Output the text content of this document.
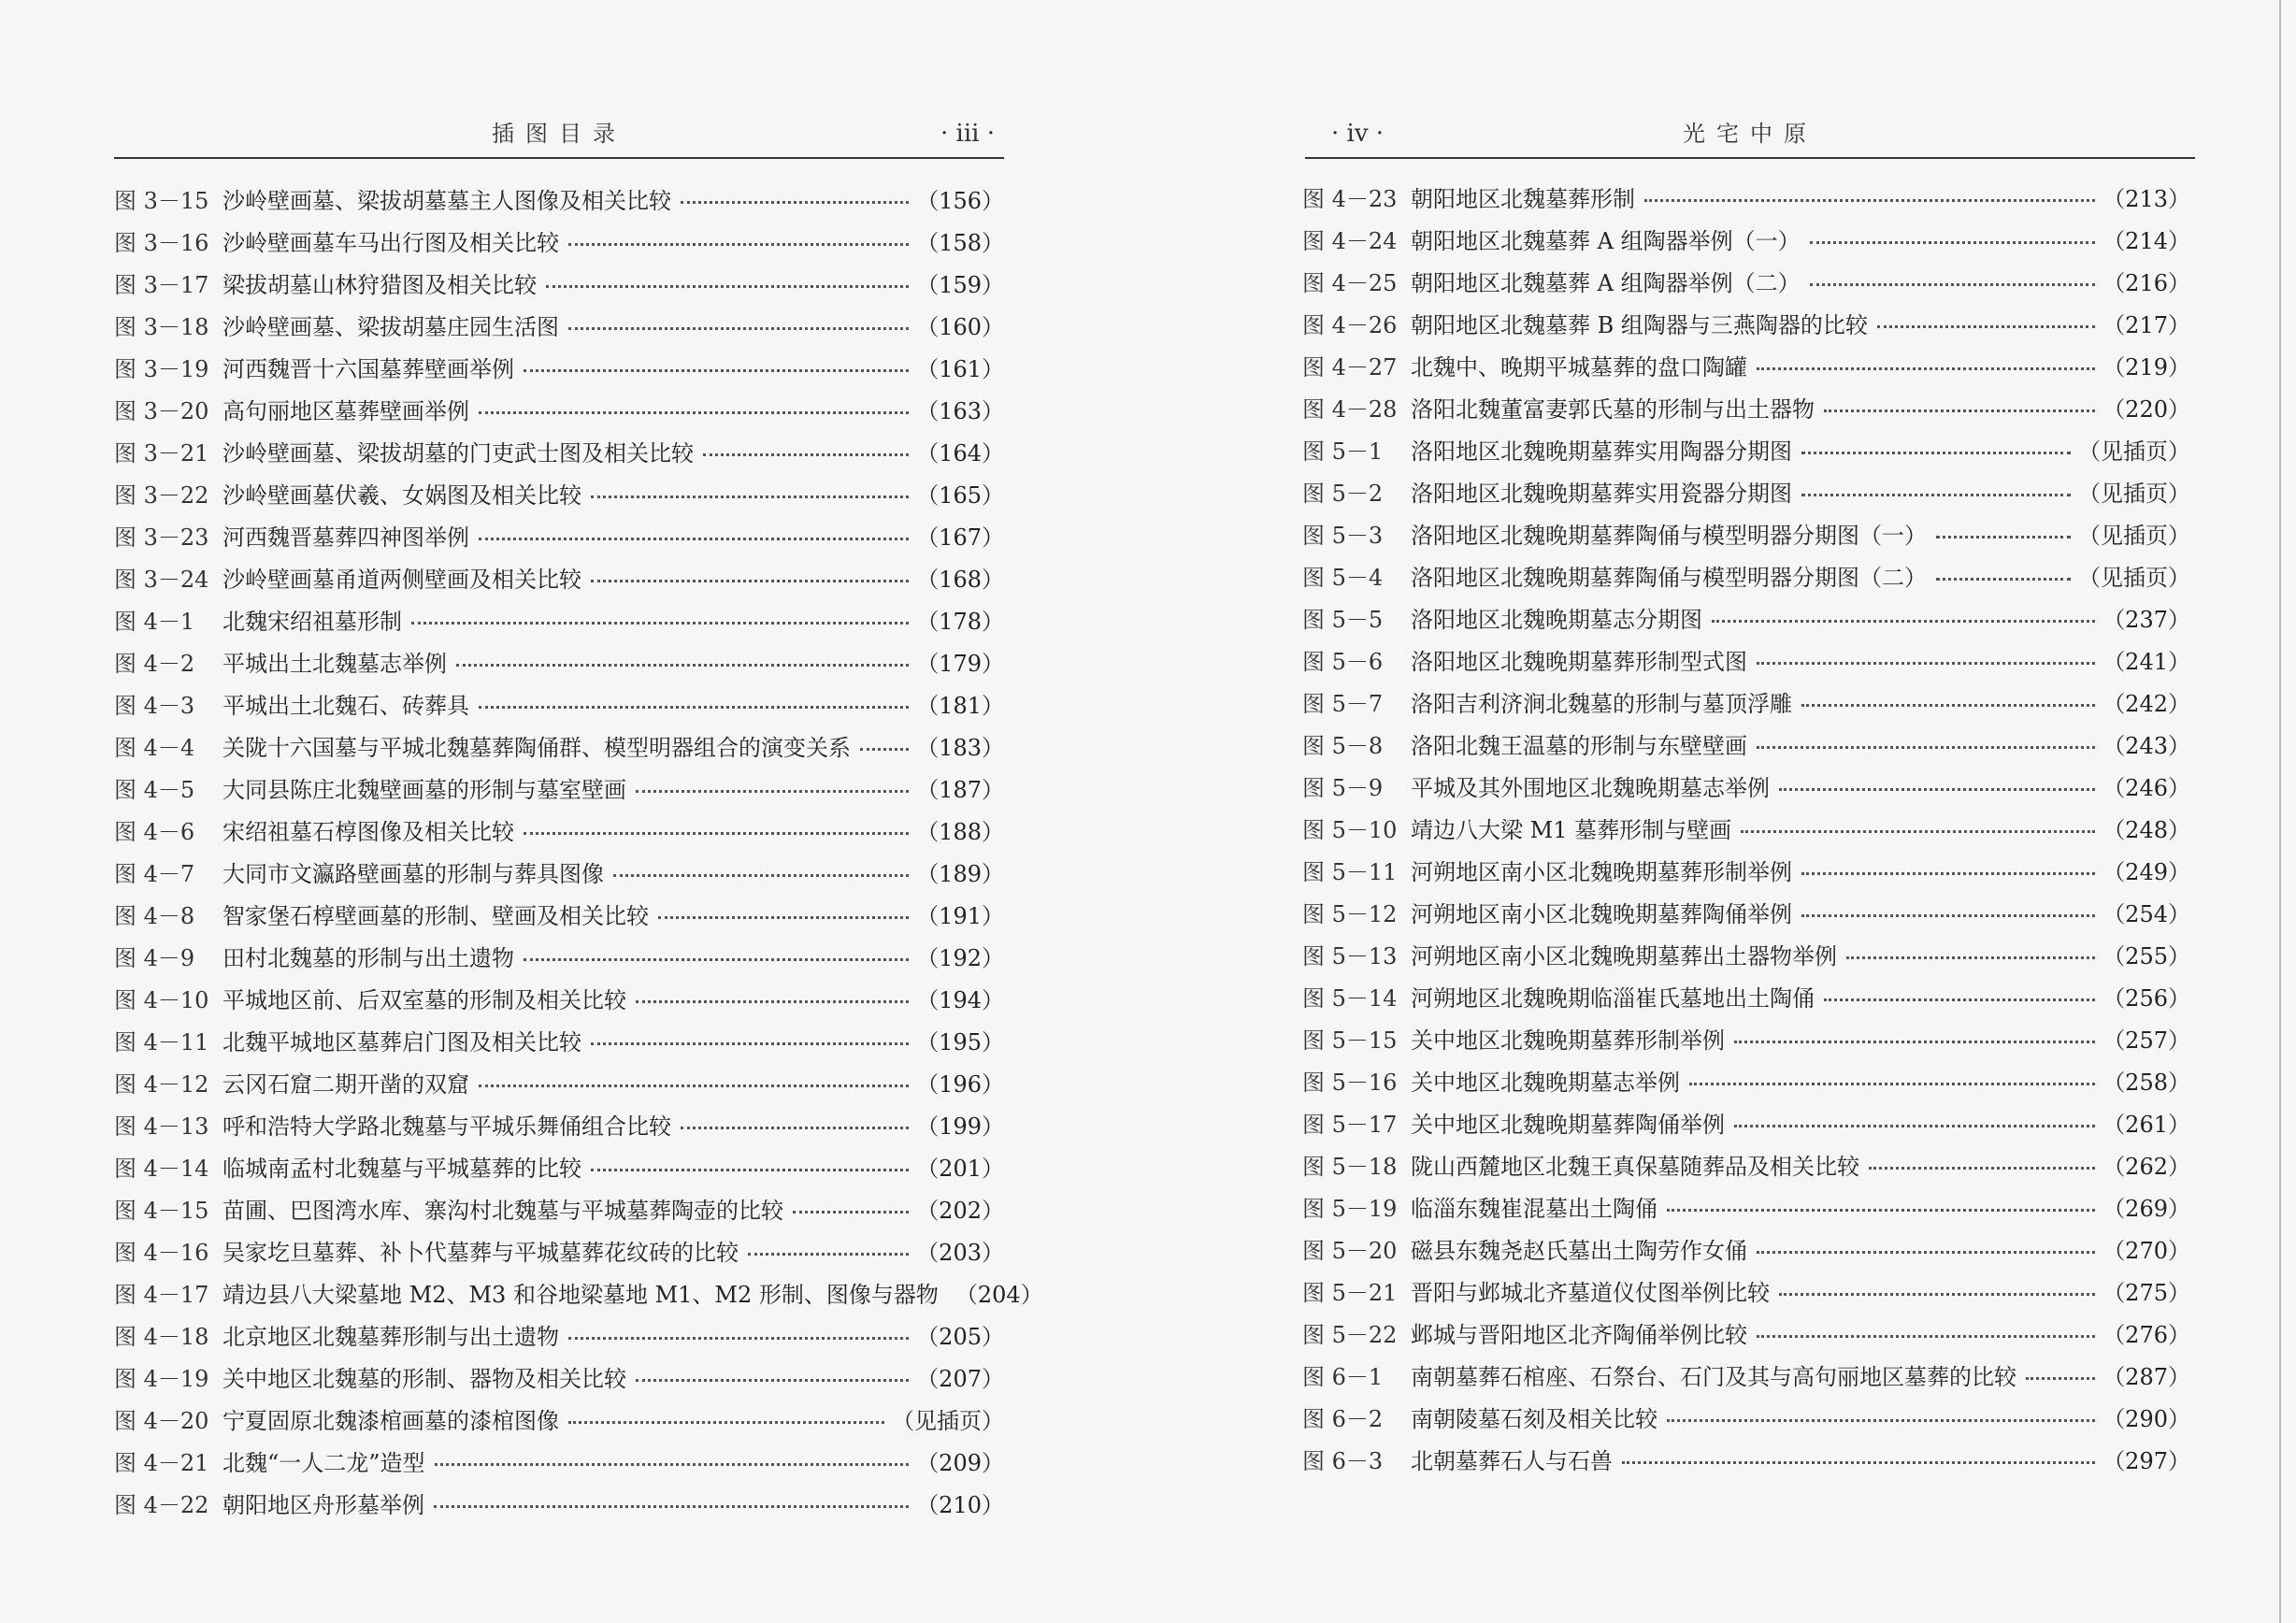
插图目录	· iii ·
图 3－15 沙岭壁画墓、梁拔胡墓墓主人图像及相关比较	（156）
图 3－16 沙岭壁画墓车马出行图及相关比较	（158）
图 3－17 梁拔胡墓山林狩猎图及相关比较	（159）
图 3－18 沙岭壁画墓、梁拔胡墓庄园生活图	（160）
图 3－19 河西魏晋十六国墓葬壁画举例	（161）
图 3－20 高句丽地区墓葬壁画举例	（163）
图 3－21 沙岭壁画墓、梁拔胡墓的门吏武士图及相关比较	（164）
图 3－22 沙岭壁画墓伏羲、女娲图及相关比较	（165）
图 3－23 河西魏晋墓葬四神图举例	（167）
图 3－24 沙岭壁画墓甬道两侧壁画及相关比较	（168）
图 4－1	北魏宋绍祖墓形制	（178）
图 4－2	平城出土北魏墓志举例	（179）
图 4－3	平城出土北魏石、砖葬具	（181）
图 4－4	关陇十六国墓与平城北魏墓葬陶俑群、模型明器组合的演变关系	（183）
图 4－5	大同县陈庄北魏壁画墓的形制与墓室壁画	（187）
图 4－6	宋绍祖墓石椁图像及相关比较	（188）
图 4－7	大同市文瀛路壁画墓的形制与葬具图像	（189）
图 4－8	智家堡石椁壁画墓的形制、壁画及相关比较	（191）
图 4－9	田村北魏墓的形制与出土遗物	（192）
图 4－10 平城地区前、后双室墓的形制及相关比较	（194）
图 4－11 北魏平城地区墓葬启门图及相关比较	（195）
图 4－12 云冈石窟二期开凿的双窟	（196）
图 4－13 呼和浩特大学路北魏墓与平城乐舞俑组合比较	（199）
图 4－14 临城南孟村北魏墓与平城墓葬的比较	（201）
图 4－15 苗圃、巴图湾水库、寨沟村北魏墓与平城墓葬陶壶的比较	（202）
图 4－16 吴家圪旦墓葬、补卜代墓葬与平城墓葬花纹砖的比较	（203）
图 4－17 靖边县八大梁墓地 M2、M3 和谷地梁墓地 M1、M2 形制、图像与器物 （204）
图 4－18 北京地区北魏墓葬形制与出土遗物	（205）
图 4－19 关中地区北魏墓的形制、器物及相关比较	（207）
图 4－20 宁夏固原北魏漆棺画墓的漆棺图像	（见插页）
图 4－21 北魏“一人二龙”造型	（209）
图 4－22 朝阳地区舟形墓举例	（210）
· iv ·	光宅中原
图 4－23 朝阳地区北魏墓葬形制	（213）
图 4－24 朝阳地区北魏墓葬 A 组陶器举例（一）	（214）
图 4－25 朝阳地区北魏墓葬 A 组陶器举例（二）	（216）
图 4－26 朝阳地区北魏墓葬 B 组陶器与三燕陶器的比较	（217）
图 4－27 北魏中、晚期平城墓葬的盘口陶罐	（219）
图 4－28 洛阳北魏董富妻郭氏墓的形制与出土器物	（220）
图 5－1	洛阳地区北魏晚期墓葬实用陶器分期图	（见插页）
图 5－2	洛阳地区北魏晚期墓葬实用瓷器分期图	（见插页）
图 5－3	洛阳地区北魏晚期墓葬陶俑与模型明器分期图（一）	（见插页）
图 5－4	洛阳地区北魏晚期墓葬陶俑与模型明器分期图（二）	（见插页）
图 5－5	洛阳地区北魏晚期墓志分期图	（237）
图 5－6	洛阳地区北魏晚期墓葬形制型式图	（241）
图 5－7	洛阳吉利济涧北魏墓的形制与墓顶浮雕	（242）
图 5－8	洛阳北魏王温墓的形制与东壁壁画	（243）
图 5－9	平城及其外围地区北魏晚期墓志举例	（246）
图 5－10 靖边八大梁 M1 墓葬形制与壁画	（248）
图 5－11 河朔地区南小区北魏晚期墓葬形制举例	（249）
图 5－12 河朔地区南小区北魏晚期墓葬陶俑举例	（254）
图 5－13 河朔地区南小区北魏晚期墓葬出土器物举例	（255）
图 5－14 河朔地区北魏晚期临淄崔氏墓地出土陶俑	（256）
图 5－15 关中地区北魏晚期墓葬形制举例	（257）
图 5－16 关中地区北魏晚期墓志举例	（258）
图 5－17 关中地区北魏晚期墓葬陶俑举例	（261）
图 5－18 陇山西麓地区北魏王真保墓随葬品及相关比较	（262）
图 5－19 临淄东魏崔混墓出土陶俑	（269）
图 5－20 磁县东魏尧赵氏墓出土陶劳作女俑	（270）
图 5－21 晋阳与邺城北齐墓道仪仗图举例比较	（275）
图 5－22 邺城与晋阳地区北齐陶俑举例比较	（276）
图 6－1	南朝墓葬石棺座、石祭台、石门及其与高句丽地区墓葬的比较	（287）
图 6－2	南朝陵墓石刻及相关比较	（290）
图 6－3	北朝墓葬石人与石兽	（297）
